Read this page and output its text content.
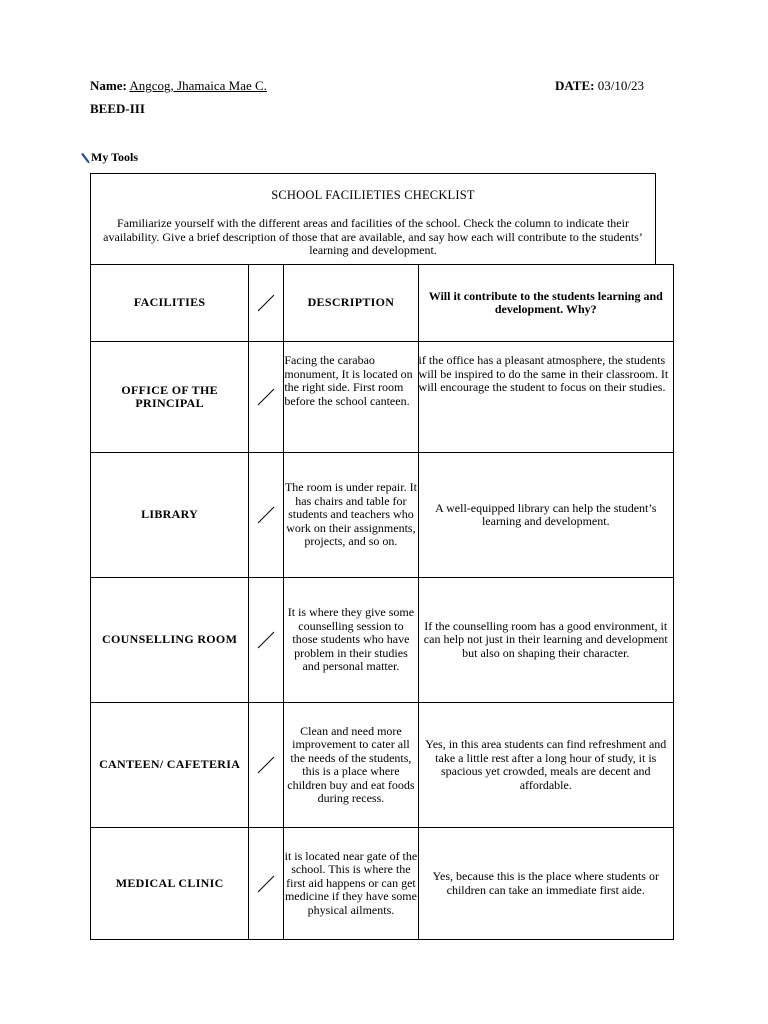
Name: Angcog, Jhamaica Mae C.	DATE: 03/10/23
BEED-III
My Tools
SCHOOL FACILIETIES CHECKLIST
Familiarize yourself with the different areas and facilities of the school. Check the column to indicate their availability. Give a brief description of those that are available, and say how each will contribute to the students’ learning and development.
FACILITIES		DESCRIPTION	Will it contribute to the students learning and development. Why?
OFFICE OF THE PRINCIPAL		Facing the carabao monument, It is located on the right side. First room before the school canteen.	if the office has a pleasant atmosphere, the students will be inspired to do the same in their classroom. It will encourage the student to focus on their studies.
LIBRARY		The room is under repair. It has chairs and table for students and teachers who work on their assignments, projects, and so on.	A well-equipped library can help the student’s learning and development.
COUNSELLING ROOM		It is where they give some counselling session to those students who have problem in their studies and personal matter.	If the counselling room has a good environment, it can help not just in their learning and development but also on shaping their character.
CANTEEN/ CAFETERIA		Clean and need more improvement to cater all the needs of the students, this is a place where children buy and eat foods during recess.	Yes, in this area students can find refreshment and take a little rest after a long hour of study, it is spacious yet crowded, meals are decent and affordable.
MEDICAL CLINIC		it is located near gate of the school. This is where the first aid happens or can get medicine if they have some physical ailments.	Yes, because this is the place where students or children can take an immediate first aide.
